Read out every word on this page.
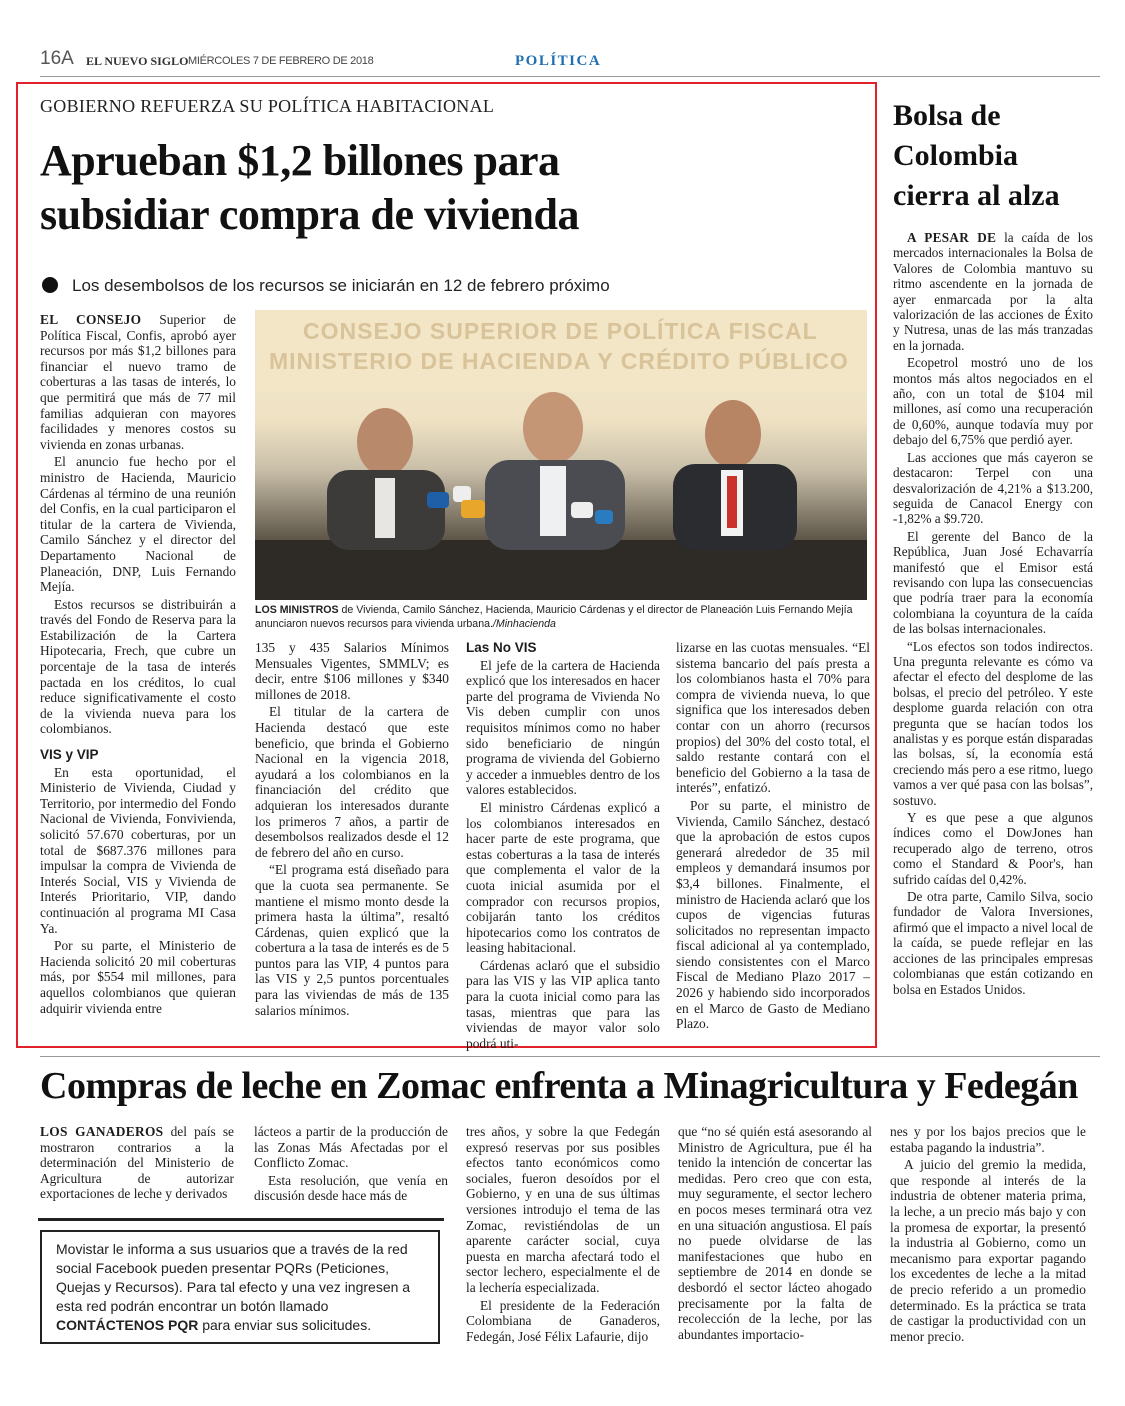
16A EL NUEVO SIGLO MIÉRCOLES 7 DE FEBRERO DE 2018	POLÍTICA
GOBIERNO REFUERZA SU POLÍTICA HABITACIONAL
Aprueban $1,2 billones para
subsidiar compra de vivienda
Los desembolsos de los recursos se iniciarán en 12 de febrero próximo
CONSEJO SUPERIOR DE POLÍTICA FISCAL
MINISTERIO DE HACIENDA Y CRÉDITO PÚBLICO
LOS MINISTROS de Vivienda, Camilo Sánchez, Hacienda, Mauricio Cárdenas y el director de Planeación Luis Fernando Mejía anunciaron nuevos recursos para vivienda urbana./Minhacienda

EL CONSEJO Superior de Política Fiscal, Confis, aprobó ayer recursos por más $1,2 billones para financiar el nuevo tramo de coberturas a las tasas de interés, lo que permitirá que más de 77 mil familias adquieran con mayores facilidades y menores costos su vivienda en zonas urbanas.

El anuncio fue hecho por el ministro de Hacienda, Mauricio Cárdenas al término de una reunión del Confis, en la cual participaron el titular de la cartera de Vivienda, Camilo Sánchez y el director del Departamento Nacional de Planeación, DNP, Luis Fernando Mejía.

Estos recursos se distribuirán a través del Fondo de Reserva para la Estabilización de la Cartera Hipotecaria, Frech, que cubre un porcentaje de la tasa de interés pactada en los créditos, lo cual reduce significativamente el costo de la vivienda nueva para los colombianos.

VIS y VIP

En esta oportunidad, el Ministerio de Vivienda, Ciudad y Territorio, por intermedio del Fondo Nacional de Vivienda, Fonvivienda, solicitó 57.670 coberturas, por un total de $687.376 millones para impulsar la compra de Vivienda de Interés Social, VIS y Vivienda de Interés Prioritario, VIP, dando continuación al programa MI Casa Ya.

Por su parte, el Ministerio de Hacienda solicitó 20 mil coberturas más, por $554 mil millones, para aquellos colombianos que quieran adquirir vivienda entre

135 y 435 Salarios Mínimos Mensuales Vigentes, SMMLV; es decir, entre $106 millones y $340 millones de 2018.

El titular de la cartera de Hacienda destacó que este beneficio, que brinda el Gobierno Nacional en la vigencia 2018, ayudará a los colombianos en la financiación del crédito que adquieran los interesados durante los primeros 7 años, a partir de desembolsos realizados desde el 12 de febrero del año en curso.

“El programa está diseñado para que la cuota sea permanente. Se mantiene el mismo monto desde la primera hasta la última”, resaltó Cárdenas, quien explicó que la cobertura a la tasa de interés es de 5 puntos para las VIP, 4 puntos para las VIS y 2,5 puntos porcentuales para las viviendas de más de 135 salarios mínimos.

Las No VIS

El jefe de la cartera de Hacienda explicó que los interesados en hacer parte del programa de Vivienda No Vis deben cumplir con unos requisitos mínimos como no haber sido beneficiario de ningún programa de vivienda del Gobierno y acceder a inmuebles dentro de los valores establecidos.

El ministro Cárdenas explicó a los colombianos interesados en hacer parte de este programa, que estas coberturas a la tasa de interés que complementa el valor de la cuota inicial asumida por el comprador con recursos propios, cobijarán tanto los créditos hipotecarios como los contratos de leasing habitacional.

Cárdenas aclaró que el subsidio para las VIS y las VIP aplica tanto para la cuota inicial como para las tasas, mientras que para las viviendas de mayor valor solo podrá uti-

lizarse en las cuotas mensuales. “El sistema bancario del país presta a los colombianos hasta el 70% para compra de vivienda nueva, lo que significa que los interesados deben contar con un ahorro (recursos propios) del 30% del costo total, el saldo restante contará con el beneficio del Gobierno a la tasa de interés”, enfatizó.

Por su parte, el ministro de Vivienda, Camilo Sánchez, destacó que la aprobación de estos cupos generará alrededor de 35 mil empleos y demandará insumos por $3,4 billones. Finalmente, el ministro de Hacienda aclaró que los cupos de vigencias futuras solicitados no representan impacto fiscal adicional al ya contemplado, siendo consistentes con el Marco Fiscal de Mediano Plazo 2017 – 2026 y habiendo sido incorporados en el Marco de Gasto de Mediano Plazo.

Bolsa de
Colombia
cierra al alza

A PESAR DE la caída de los mercados internacionales la Bolsa de Valores de Colombia mantuvo su ritmo ascendente en la jornada de ayer enmarcada por la alta valorización de las acciones de Éxito y Nutresa, unas de las más tranzadas en la jornada.

Ecopetrol mostró uno de los montos más altos negociados en el año, con un total de $104 mil millones, así como una recuperación de 0,60%, aunque todavía muy por debajo del 6,75% que perdió ayer.

Las acciones que más cayeron se destacaron: Terpel con una desvalorización de 4,21% a $13.200, seguida de Canacol Energy con -1,82% a $9.720.

El gerente del Banco de la República, Juan José Echavarría manifestó que el Emisor está revisando con lupa las consecuencias que podría traer para la economía colombiana la coyuntura de la caída de las bolsas internacionales.

“Los efectos son todos indirectos. Una pregunta relevante es cómo va afectar el efecto del desplome de las bolsas, el precio del petróleo. Y este desplome guarda relación con otra pregunta que se hacían todos los analistas y es porque están disparadas las bolsas, sí, la economía está creciendo más pero a ese ritmo, luego vamos a ver qué pasa con las bolsas”, sostuvo.

Y es que pese a que algunos índices como el DowJones han recuperado algo de terreno, otros como el Standard & Poor's, han sufrido caídas del 0,42%.

De otra parte, Camilo Silva, socio fundador de Valora Inversiones, afirmó que el impacto a nivel local de la caída, se puede reflejar en las acciones de las principales empresas colombianas que están cotizando en bolsa en Estados Unidos.

Compras de leche en Zomac enfrenta a Minagricultura y Fedegán

LOS GANADEROS del país se mostraron contrarios a la determinación del Ministerio de Agricultura de autorizar exportaciones de leche y derivados

lácteos a partir de la producción de las Zonas Más Afectadas por el Conflicto Zomac.

Esta resolución, que venía en discusión desde hace más de

tres años, y sobre la que Fedegán expresó reservas por sus posibles efectos tanto económicos como sociales, fueron desoídos por el Gobierno, y en una de sus últimas versiones introdujo el tema de las Zomac, revistiéndolas de un aparente carácter social, cuya puesta en marcha afectará todo el sector lechero, especialmente el de la lechería especializada.

El presidente de la Federación Colombiana de Ganaderos, Fedegán, José Félix Lafaurie, dijo

que “no sé quién está asesorando al Ministro de Agricultura, pue él ha tenido la intención de concertar las medidas. Pero creo que con esta, muy seguramente, el sector lechero en pocos meses terminará otra vez en una situación angustiosa. El país no puede olvidarse de las manifestaciones que hubo en septiembre de 2014 en donde se desbordó el sector lácteo ahogado precisamente por la falta de recolección de la leche, por las abundantes importacio-

nes y por los bajos precios que le estaba pagando la industria”.

A juicio del gremio la medida, que responde al interés de la industria de obtener materia prima, la leche, a un precio más bajo y con la promesa de exportar, la presentó la industria al Gobierno, como un mecanismo para exportar pagando los excedentes de leche a la mitad de precio referido a un promedio determinado. Es la práctica se trata de castigar la productividad con un menor precio.

Movistar le informa a sus usuarios que a través de la red social Facebook pueden presentar PQRs (Peticiones, Quejas y Recursos). Para tal efecto y una vez ingresen a esta red podrán encontrar un botón llamado CONTÁCTENOS PQR para enviar sus solicitudes.
